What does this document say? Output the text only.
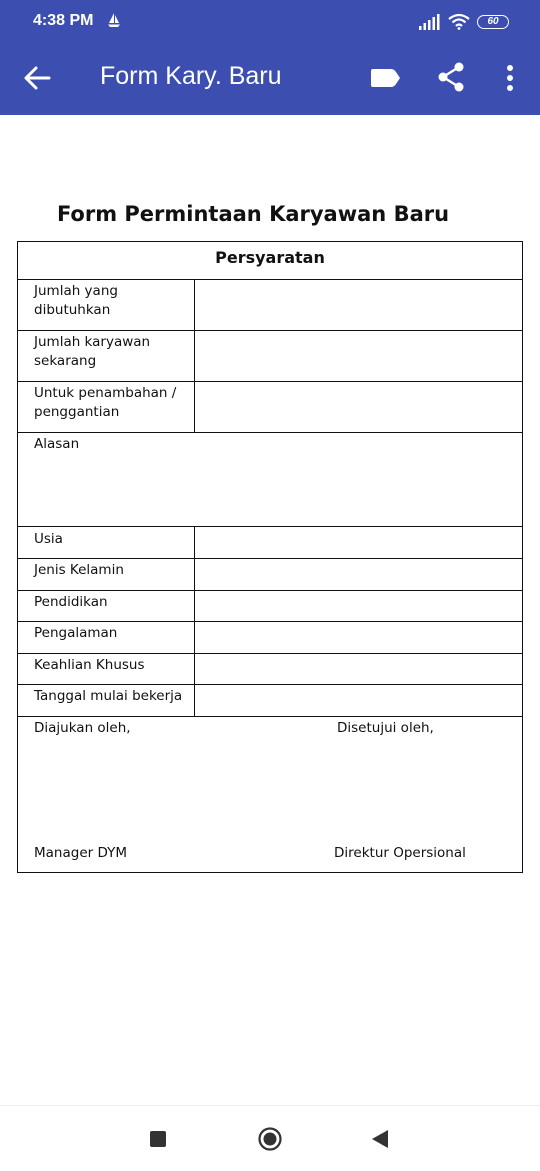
4:38 PM	60
Form Kary. Baru
Form Permintaan Karyawan Baru
Persyaratan
Jumlah yang dibutuhkan
Jumlah karyawan sekarang
Untuk penambahan / penggantian
Alasan
Usia
Jenis Kelamin
Pendidikan
Pengalaman
Keahlian Khusus
Tanggal mulai bekerja
Diajukan oleh,	Disetujui oleh,
Manager DYM	Direktur Opersional
